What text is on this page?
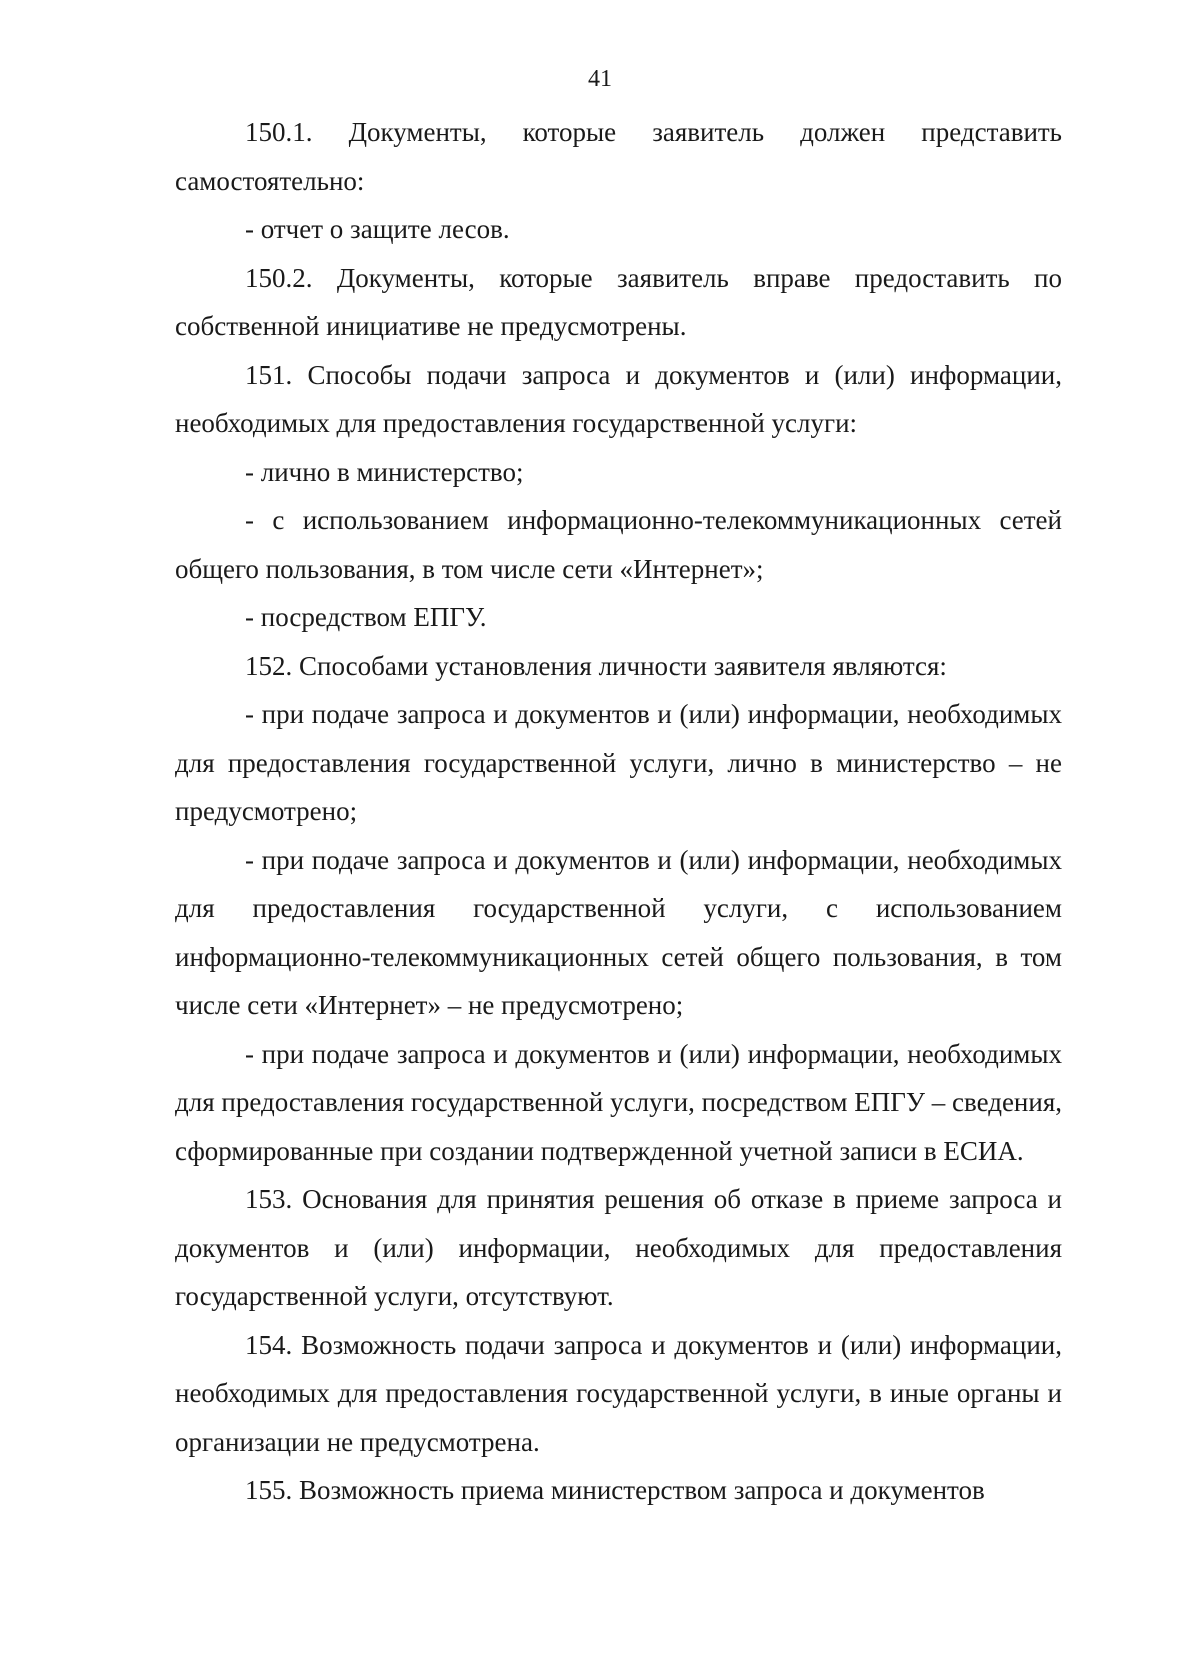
41

150.1. Документы, которые заявитель должен представить самостоятельно:

- отчет о защите лесов.

150.2. Документы, которые заявитель вправе предоставить по собственной инициативе не предусмотрены.

151. Способы подачи запроса и документов и (или) информации, необходимых для предоставления государственной услуги:

- лично в министерство;

- с использованием информационно-телекоммуникационных сетей общего пользования, в том числе сети «Интернет»;

- посредством ЕПГУ.

152. Способами установления личности заявителя являются:

- при подаче запроса и документов и (или) информации, необходимых для предоставления государственной услуги, лично в министерство – не предусмотрено;

- при подаче запроса и документов и (или) информации, необходимых для предоставления государственной услуги, с использованием информационно-телекоммуникационных сетей общего пользования, в том числе сети «Интернет» – не предусмотрено;

- при подаче запроса и документов и (или) информации, необходимых для предоставления государственной услуги, посредством ЕПГУ – сведения, сформированные при создании подтвержденной учетной записи в ЕСИА.

153. Основания для принятия решения об отказе в приеме запроса и документов и (или) информации, необходимых для предоставления государственной услуги, отсутствуют.

154. Возможность подачи запроса и документов и (или) информации, необходимых для предоставления государственной услуги, в иные органы и организации не предусмотрена.

155. Возможность приема министерством запроса и документов
